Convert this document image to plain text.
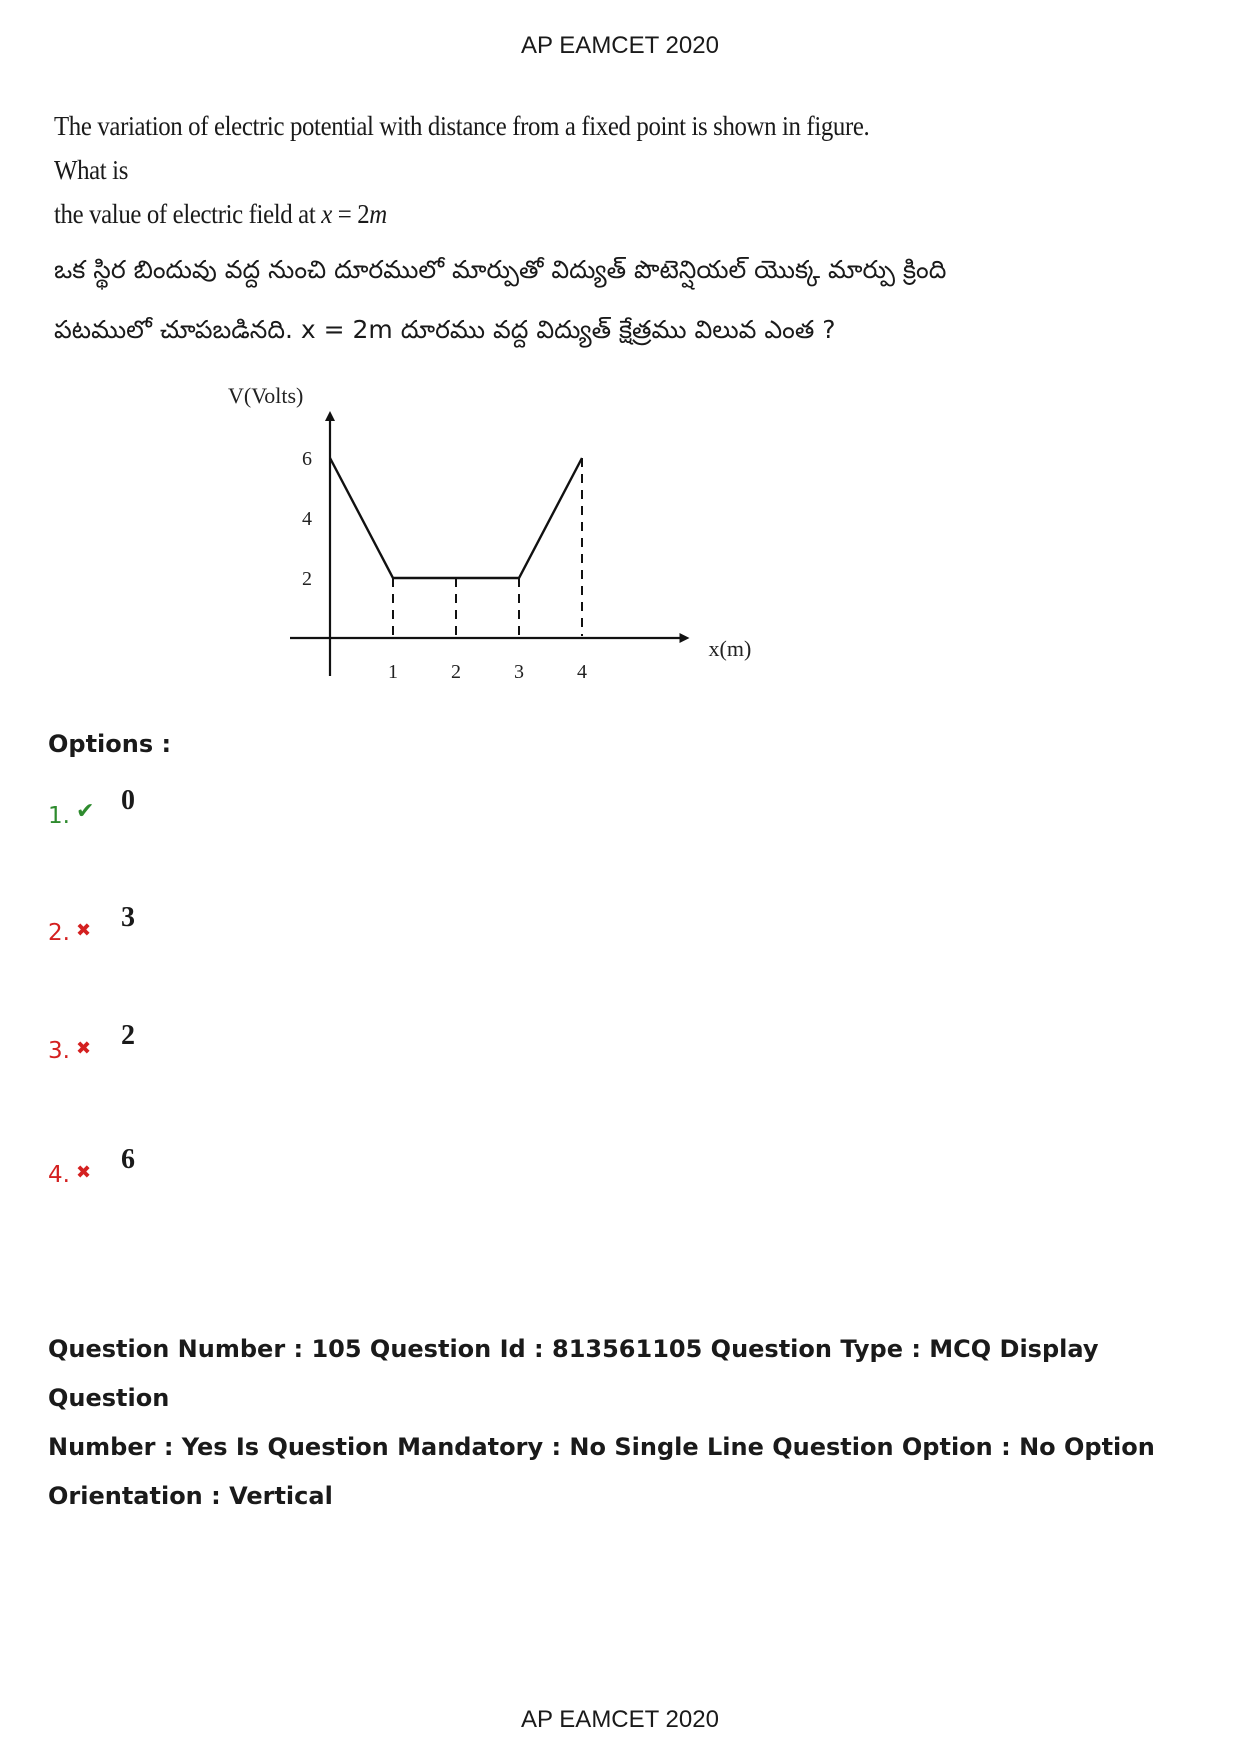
AP EAMCET 2020

The variation of electric potential with distance from a fixed point is shown in figure. What is

the value of electric field at x = 2m

ఒక స్థిర బిందువు వద్ద నుంచి దూరములో మార్పుతో విద్యుత్ పొటెన్షియల్ యొక్క మార్పు క్రింది

పటములో చూపబడినది. x = 2m దూరము వద్ద విద్యుత్ క్షేత్రము విలువ ఎంత ?

V(Volts)
x(m)
6
4
2
1	2	3	4
Options :
1. ✔ 0
2. ✖ 3
3. ✖ 2
4. ✖ 6
Question Number : 105 Question Id : 813561105 Question Type : MCQ Display Question
Number : Yes Is Question Mandatory : No Single Line Question Option : No Option
Orientation : Vertical
AP EAMCET 2020
